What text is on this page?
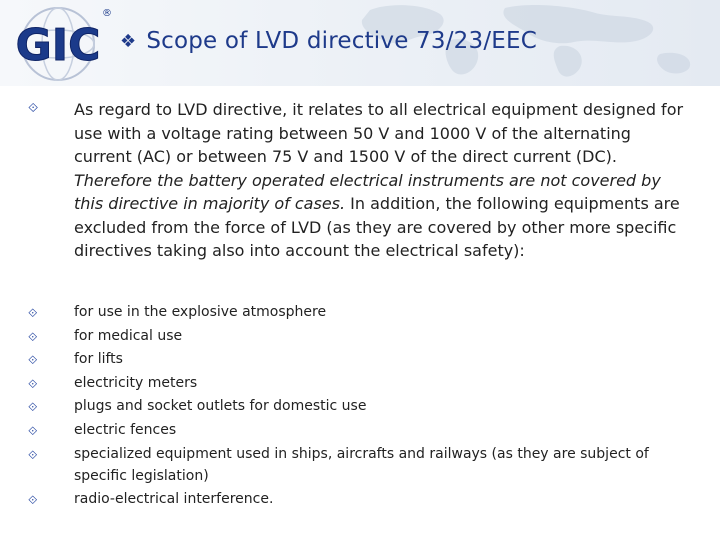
GIC
®
❖ Scope of LVD directive 73/23/EEC
⟐	As regard to LVD directive, it relates to all electrical equipment designed for use with a voltage rating between 50 V and 1000 V of the alternating current (AC) or between 75 V and 1500 V of the direct current (DC). Therefore the battery operated electrical instruments are not covered by this directive in majority of cases. In addition, the following equipments are excluded from the force of LVD (as they are covered by other more specific directives taking also into account the electrical safety):
⟐	for use in the explosive atmosphere
⟐	for medical use
⟐	for lifts
⟐	electricity meters
⟐	plugs and socket outlets for domestic use
⟐	electric fences
⟐	specialized equipment used in ships, aircrafts and railways (as they are subject of specific legislation)
⟐	radio-electrical interference.
